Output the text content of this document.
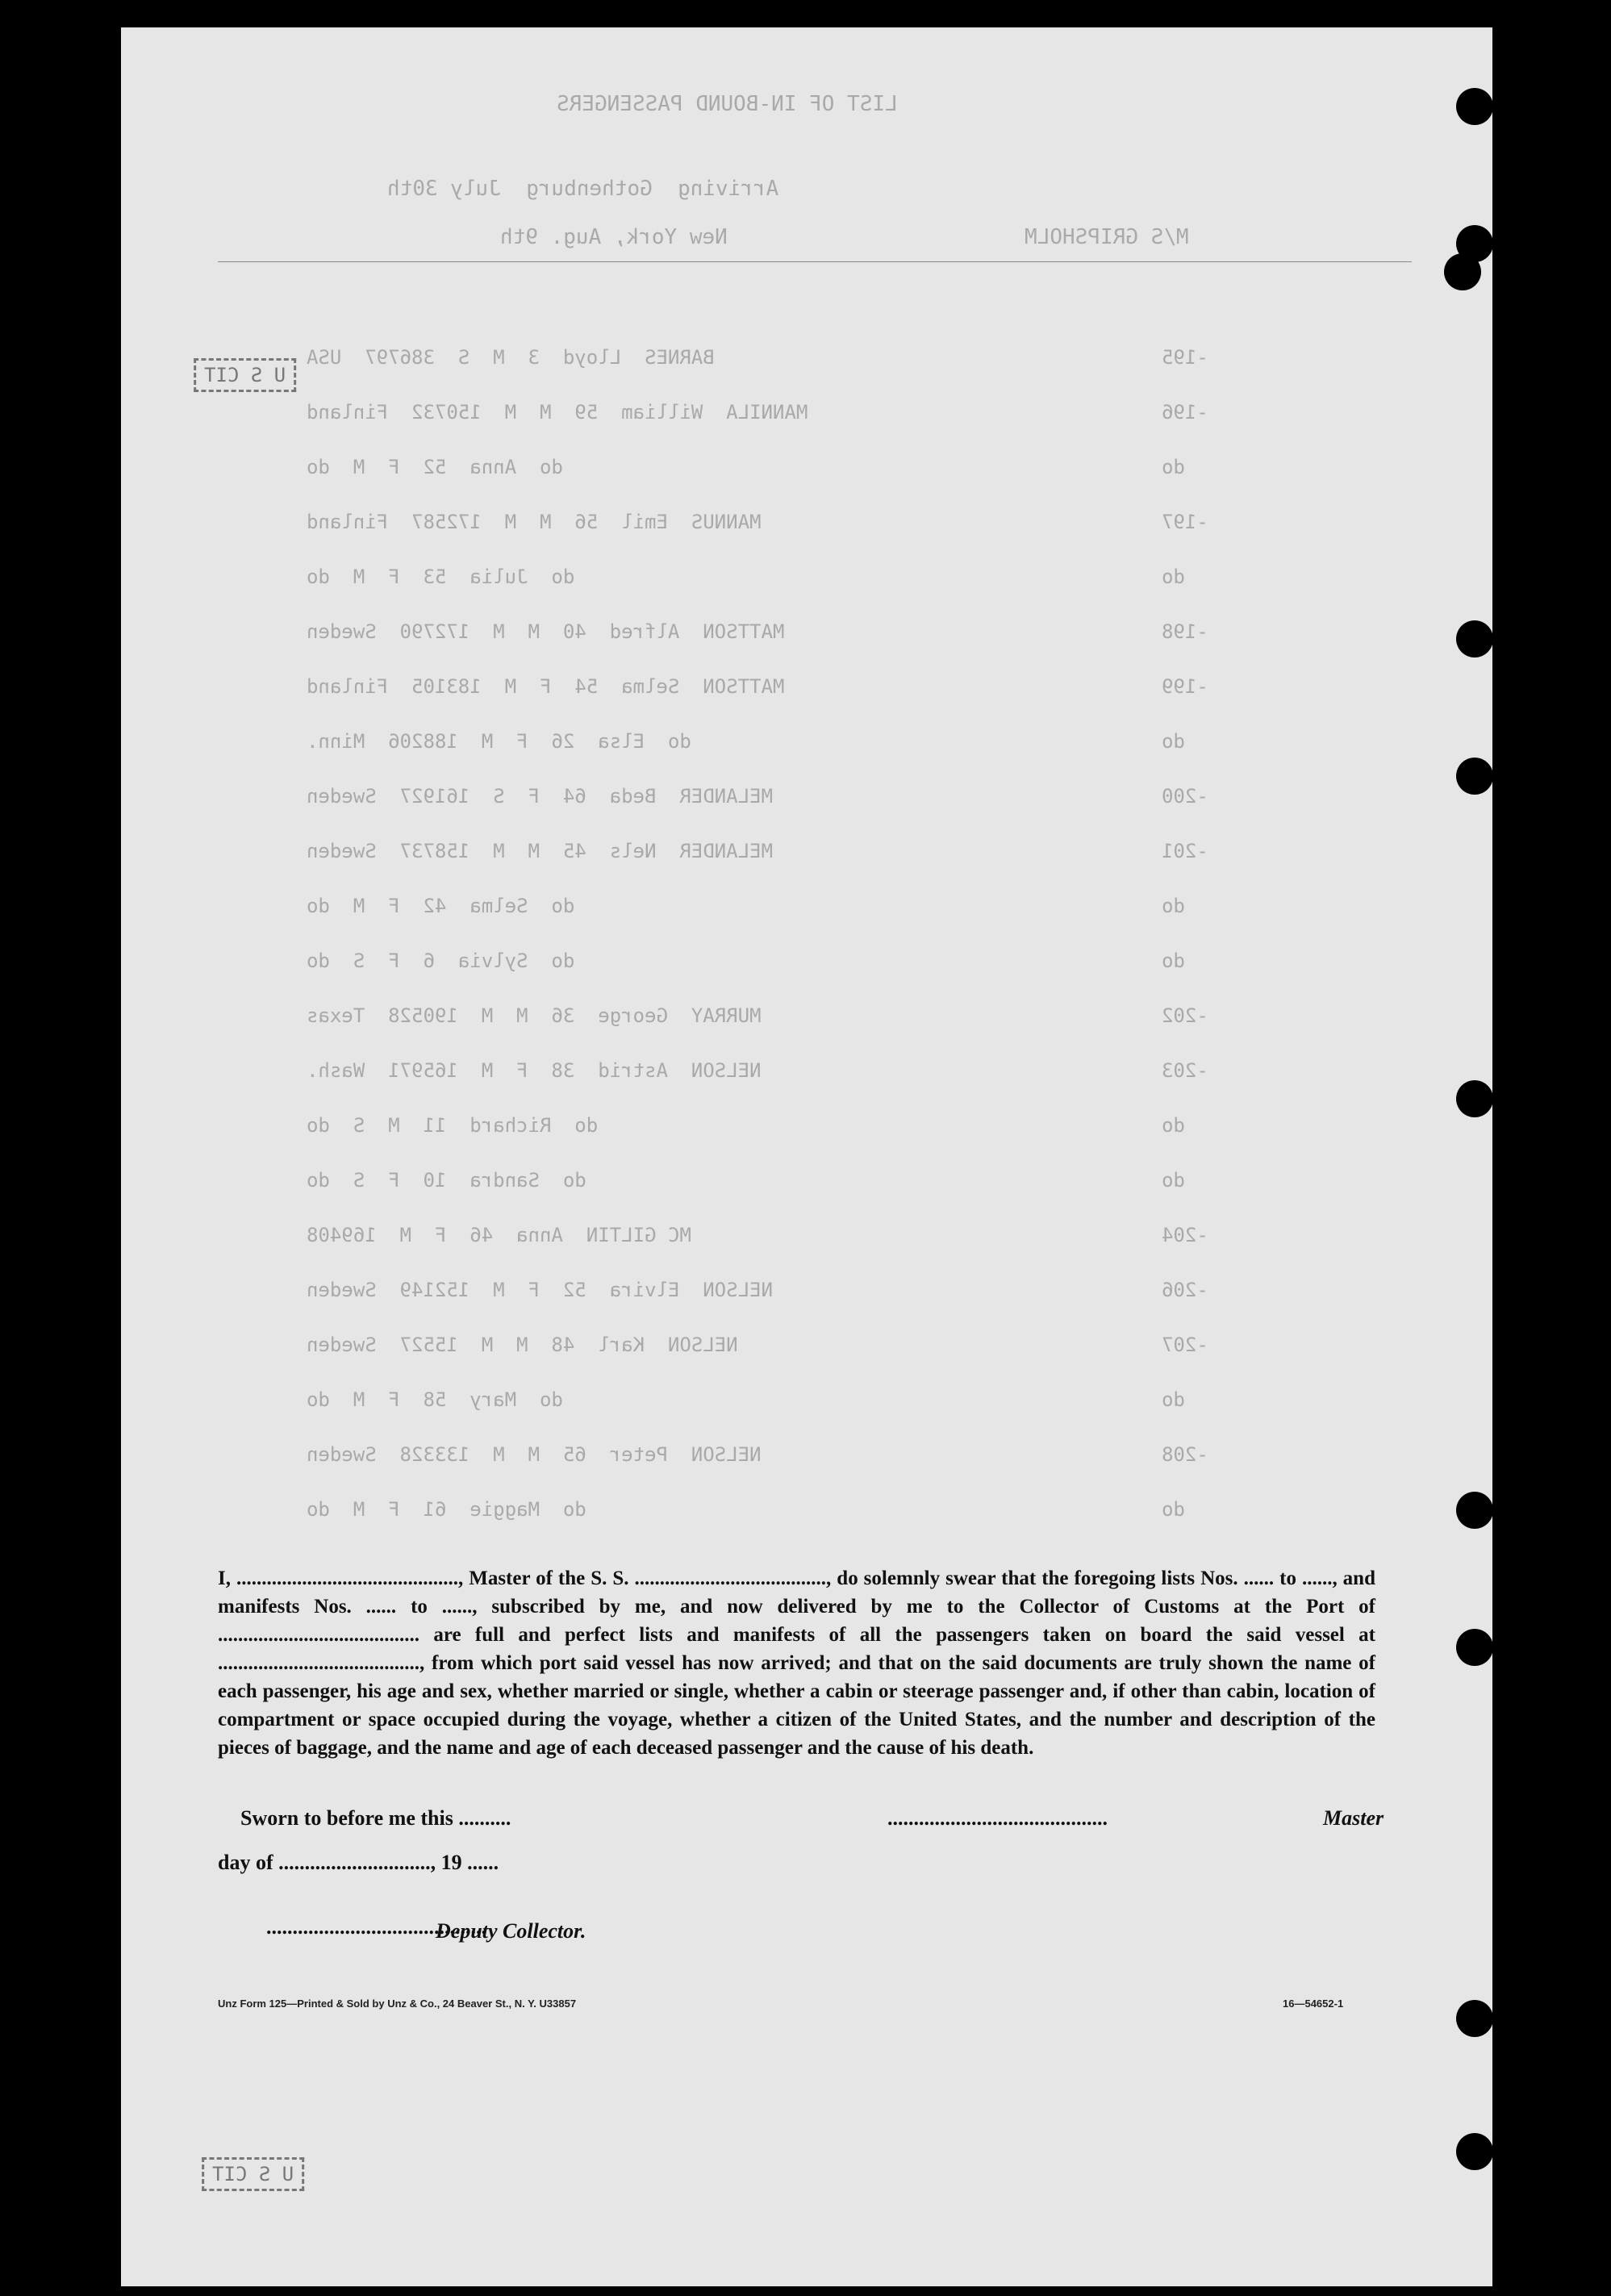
LIST OF IN-BOUND PASSENGERS
Arriving  Gothenburg  July 30th
New York, Aug. 9th	M/S GRIPSHOLM
U S CIT
U S CIT
BARNES  Lloyd  3  M  S  386797  USA	-195
MANNILA  William  59  M  M  150732  Finland	-196
do  Anna  52  F  M  do	do
MANNUS  Emil  56  M  M  172587  Finland	-197
do  Julia  53  F  M  do	do
MATTSON  Alfred  40  M  M  172790  Sweden	-198
MATTSON  Selma  54  F  M  183105  Finland	-199
do  Elsa  26  F  M  188206  Minn.	do
MELANDER  Beda  64  F  S  161927  Sweden	-200
MELANDER  Nels  45  M  M  158737  Sweden	-201
do  Selma  42  F  M  do	do
do  Sylvia  6  F  S  do	do
MURRAY  George  36  M  M  190528  Texas	-202
NELSON  Astrid  38  F  M  165971  Wash.	-203
do  Richard  11  M  S  do	do
do  Sandra  10  F  S  do	do
MC GILTIN  Anna  46  F  M  169408	-204
NELSON  Elvira  52  F  M  152149  Sweden	-206
NELSON  Karl  48  M  M  15527  Sweden	-207
do  Mary  58  F  M  do	do
NELSON  Peter  65  M  M  133328  Sweden	-208
do  Maggie  61  F  M  do	do

I, ............................................, Master of the S. S. ......................................, do solemnly swear that the foregoing lists Nos. ...... to ......, and manifests Nos. ...... to ......, subscribed by me, and now delivered by me to the Collector of Customs at the Port of ........................................ are full and perfect lists and manifests of all the passengers taken on board the said vessel at ........................................, from which port said vessel has now arrived; and that on the said documents are truly shown the name of each passenger, his age and sex, whether married or single, whether a cabin or steerage passenger and, if other than cabin, location of compartment or space occupied during the voyage, whether a citizen of the United States, and the number and description of the pieces of baggage, and the name and age of each deceased passenger and the cause of his death.

Sworn to before me this ..........	..........................................	Master
day of ............................., 19 ......
..........................................
Deputy Collector.
Unz Form 125—Printed & Sold by Unz & Co., 24 Beaver St., N. Y. U33857	16—54652-1
